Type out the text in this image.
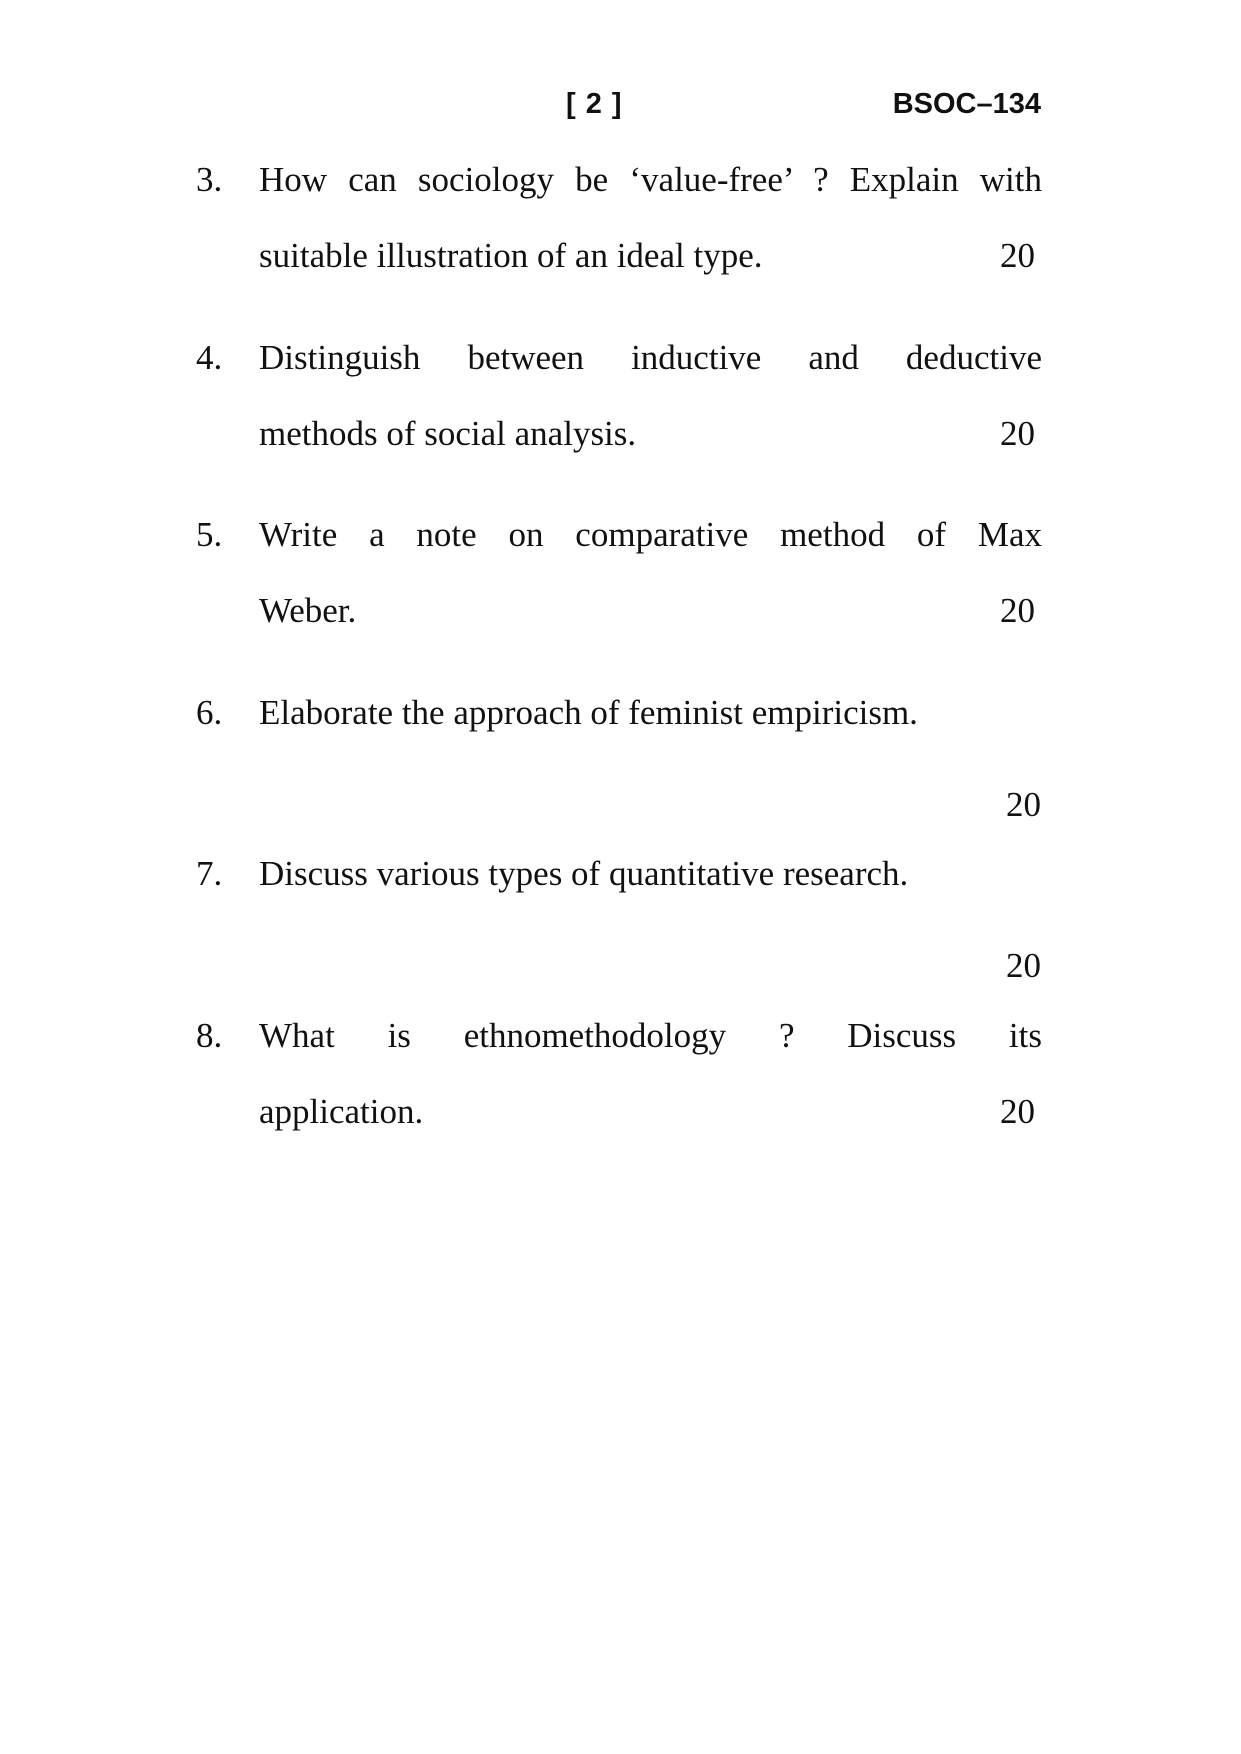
[ 2 ]	BSOC–134
3. How can sociology be ‘value-free’ ? Explain with
suitable illustration of an ideal type.	20
4. Distinguish between inductive and deductive
methods of social analysis.	20
5. Write a note on comparative method of Max
Weber.	20
6. Elaborate the approach of feminist empiricism.
20
7. Discuss various types of quantitative research.
20
8. What is ethnomethodology ? Discuss its
application.	20
